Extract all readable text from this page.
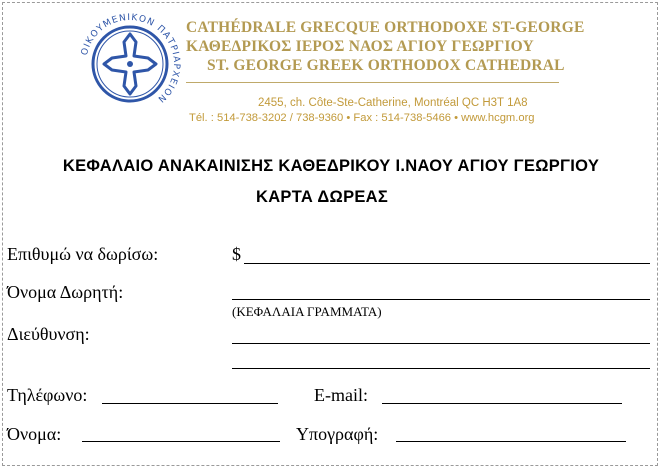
ΟΙΚΟΥΜΕΝΙΚΟΝ ΠΑΤΡΙΑΡΧΕΙΟΝ
CATHÉDRALE GRECQUE ORTHODOXE ST-GEORGE
ΚΑΘΕΔΡΙΚΟΣ ΙΕΡΟΣ ΝΑΟΣ ΑΓΙΟΥ ΓΕΩΡΓΙΟΥ
ST. GEORGE GREEK ORTHODOX CATHEDRAL
2455, ch. Côte-Ste-Catherine, Montréal QC H3T 1A8
Tél. : 514-738-3202 / 738-9360 • Fax : 514-738-5466 • www.hcgm.org
ΚΕΦΑΛΑΙΟ ΑΝΑΚΑΙΝΙΣΗΣ ΚΑΘΕΔΡΙΚΟΥ Ι.ΝΑΟΥ ΑΓΙΟΥ ΓΕΩΡΓΙΟΥ
ΚΑΡΤΑ ΔΩΡΕΑΣ
Επιθυμώ να δωρίσω:	$
Όνομα Δωρητή:
(ΚΕΦΑΛΑΙΑ ΓΡΑΜΜΑΤΑ)
Διεύθυνση:
Τηλέφωνο:	E-mail:
Όνομα:	Υπογραφή:
